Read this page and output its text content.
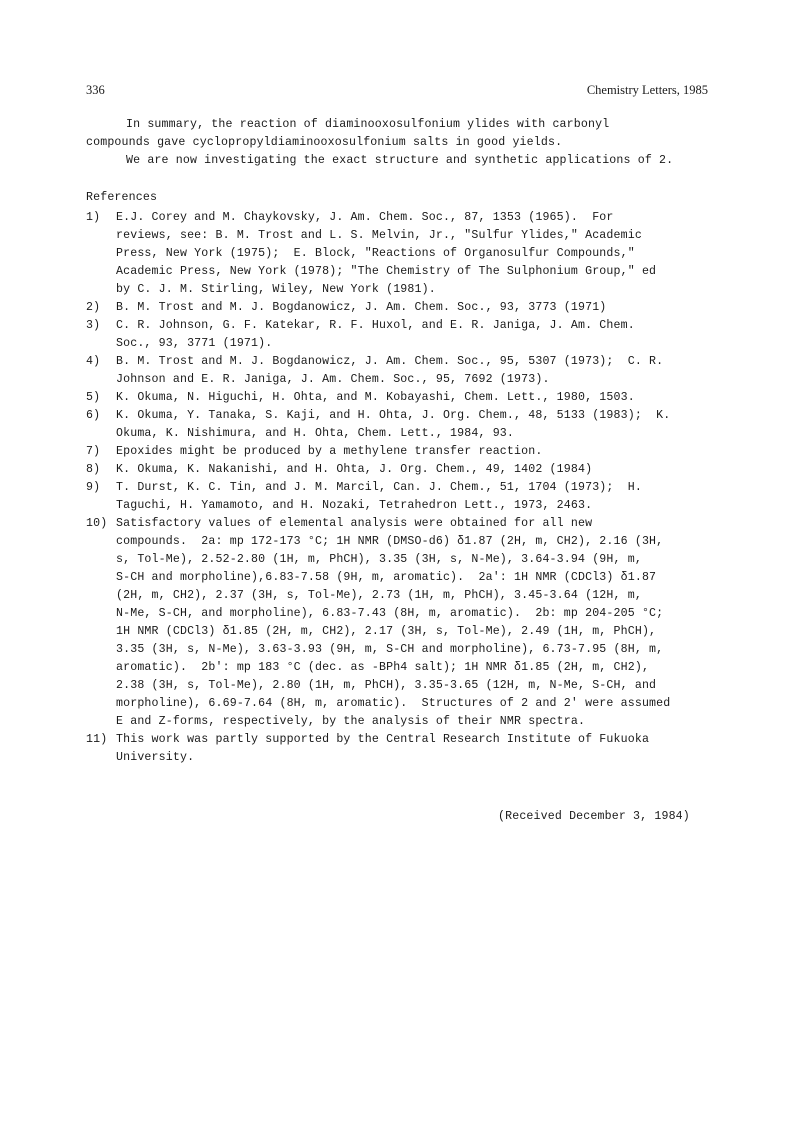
336	Chemistry Letters, 1985

In summary, the reaction of diaminooxosulfonium ylides with carbonyl

compounds gave cyclopropyldiaminooxosulfonium salts in good yields.

We are now investigating the exact structure and synthetic applications of 2.

References

1)

	E.J. Corey and M. Chaykovsky, J. Am. Chem. Soc., 87, 1353 (1965).  For

reviews, see: B. M. Trost and L. S. Melvin, Jr., "Sulfur Ylides," Academic

Press, New York (1975);  E. Block, "Reactions of Organosulfur Compounds,"

Academic Press, New York (1978); "The Chemistry of The Sulphonium Group," ed

by C. J. M. Stirling, Wiley, New York (1981).

2)

	B. M. Trost and M. J. Bogdanowicz, J. Am. Chem. Soc., 93, 3773 (1971)

3)

	C. R. Johnson, G. F. Katekar, R. F. Huxol, and E. R. Janiga, J. Am. Chem.

Soc., 93, 3771 (1971).

4)

	B. M. Trost and M. J. Bogdanowicz, J. Am. Chem. Soc., 95, 5307 (1973);  C. R.

Johnson and E. R. Janiga, J. Am. Chem. Soc., 95, 7692 (1973).

5)

	K. Okuma, N. Higuchi, H. Ohta, and M. Kobayashi, Chem. Lett., 1980, 1503.

6)

	K. Okuma, Y. Tanaka, S. Kaji, and H. Ohta, J. Org. Chem., 48, 5133 (1983);  K.

Okuma, K. Nishimura, and H. Ohta, Chem. Lett., 1984, 93.

7)

	Epoxides might be produced by a methylene transfer reaction.

8)

	K. Okuma, K. Nakanishi, and H. Ohta, J. Org. Chem., 49, 1402 (1984)

9)

	T. Durst, K. C. Tin, and J. M. Marcil, Can. J. Chem., 51, 1704 (1973);  H.

Taguchi, H. Yamamoto, and H. Nozaki, Tetrahedron Lett., 1973, 2463.

10)

Satisfactory values of elemental analysis were obtained for all new

compounds.  2a: mp 172-173 °C; 1H NMR (DMSO-d6) δ1.87 (2H, m, CH2), 2.16 (3H,

s, Tol-Me), 2.52-2.80 (1H, m, PhCH), 3.35 (3H, s, N-Me), 3.64-3.94 (9H, m,

S-CH and morpholine),6.83-7.58 (9H, m, aromatic).  2a': 1H NMR (CDCl3) δ1.87

(2H, m, CH2), 2.37 (3H, s, Tol-Me), 2.73 (1H, m, PhCH), 3.45-3.64 (12H, m,

N-Me, S-CH, and morpholine), 6.83-7.43 (8H, m, aromatic).  2b: mp 204-205 °C;

1H NMR (CDCl3) δ1.85 (2H, m, CH2), 2.17 (3H, s, Tol-Me), 2.49 (1H, m, PhCH),

3.35 (3H, s, N-Me), 3.63-3.93 (9H, m, S-CH and morpholine), 6.73-7.95 (8H, m,

aromatic).  2b': mp 183 °C (dec. as -BPh4 salt); 1H NMR δ1.85 (2H, m, CH2),

2.38 (3H, s, Tol-Me), 2.80 (1H, m, PhCH), 3.35-3.65 (12H, m, N-Me, S-CH, and

morpholine), 6.69-7.64 (8H, m, aromatic).  Structures of 2 and 2' were assumed

E and Z-forms, respectively, by the analysis of their NMR spectra.

11)

This work was partly supported by the Central Research Institute of Fukuoka

University.

(Received December 3, 1984)
